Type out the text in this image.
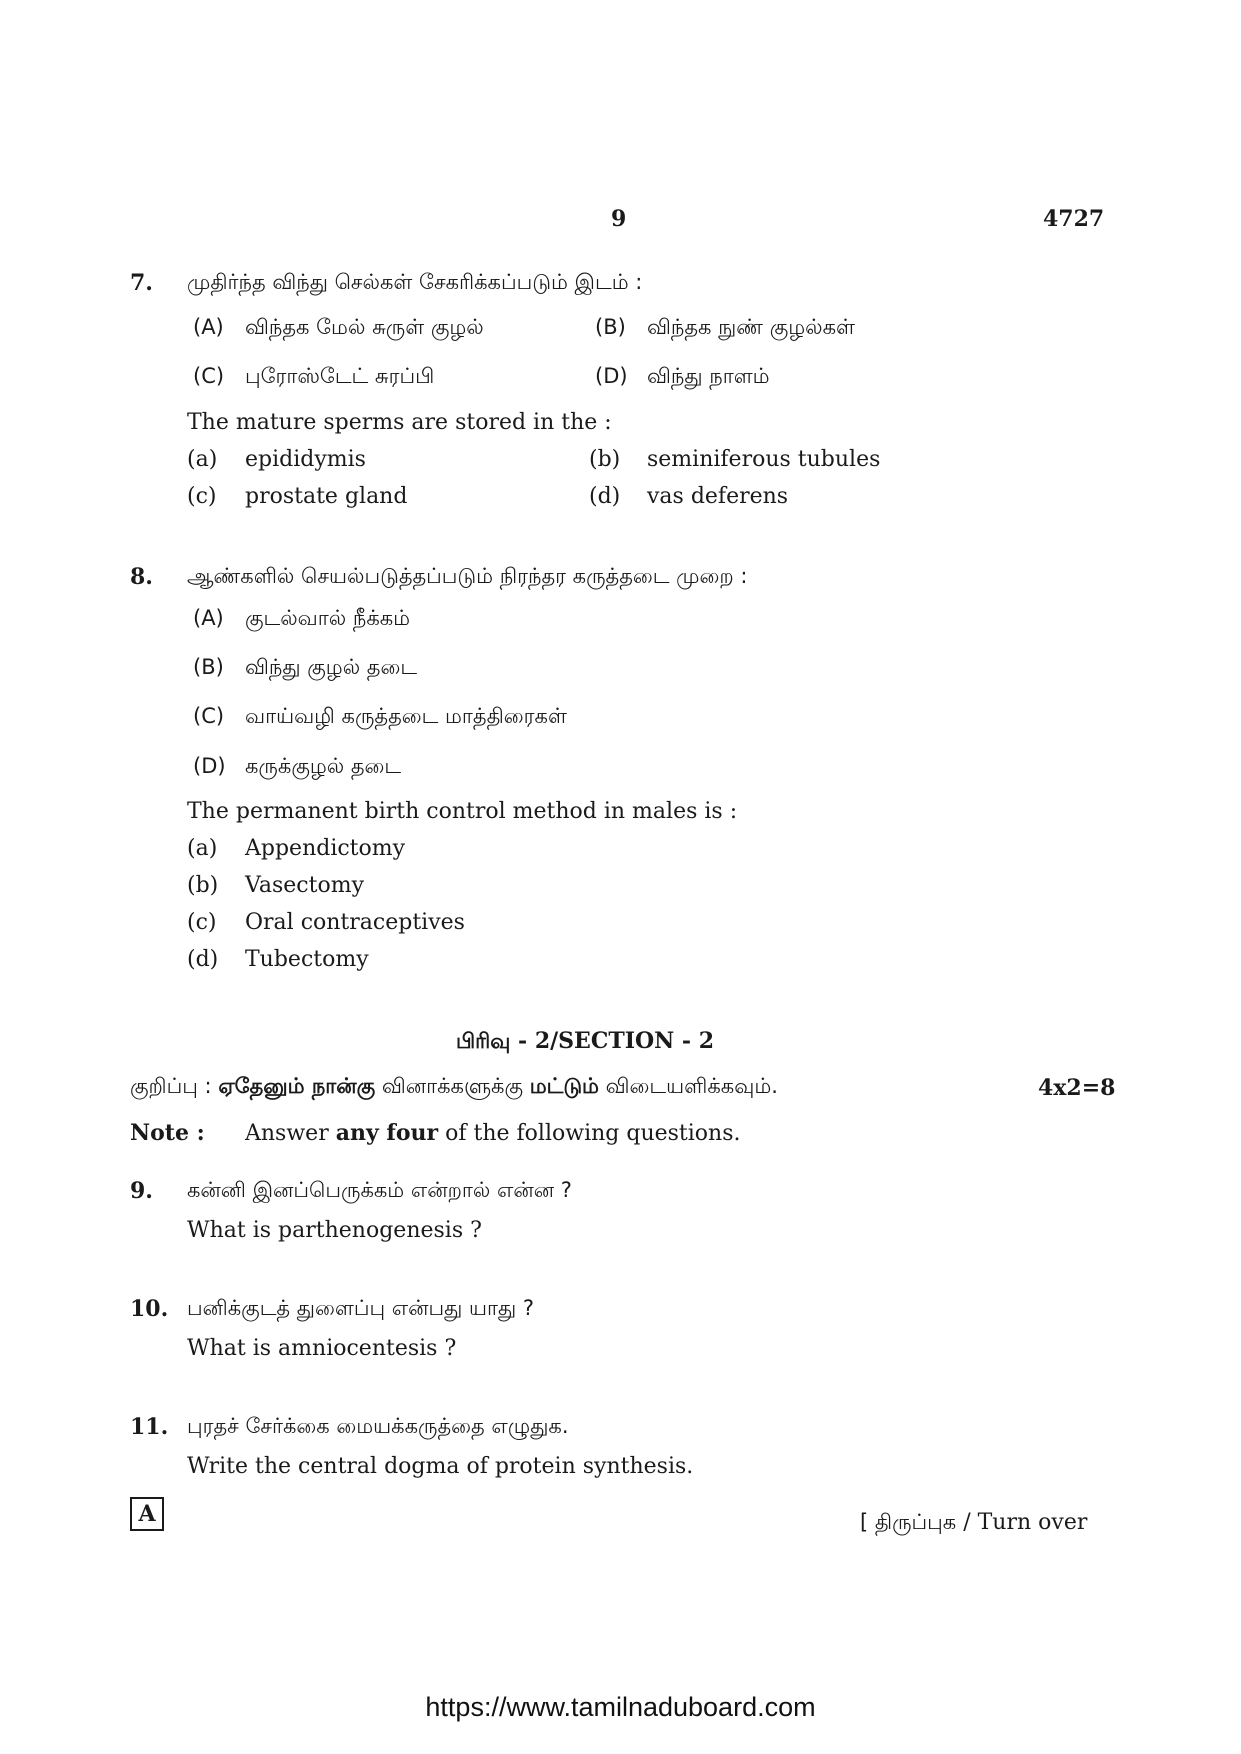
9	4727
7. முதிர்ந்த விந்து செல்கள் சேகரிக்கப்படும் இடம் :
(A) விந்தக மேல் சுருள் குழல்	(B) விந்தக நுண் குழல்கள்
(C) புரோஸ்டேட் சுரப்பி	(D) விந்து நாளம்
The mature sperms are stored in the :
(a) epididymis	(b) seminiferous tubules
(c) prostate gland	(d) vas deferens
8. ஆண்களில் செயல்படுத்தப்படும் நிரந்தர கருத்தடை முறை :
(A) குடல்வால் நீக்கம்
(B) விந்து குழல் தடை
(C) வாய்வழி கருத்தடை மாத்திரைகள்
(D) கருக்குழல் தடை
The permanent birth control method in males is :
(a) Appendictomy
(b) Vasectomy
(c) Oral contraceptives
(d) Tubectomy
பிரிவு - 2/SECTION - 2
குறிப்பு : ஏதேனும் நான்கு வினாக்களுக்கு மட்டும் விடையளிக்கவும்.	4x2=8
Note : Answer any four of the following questions.
9. கன்னி இனப்பெருக்கம் என்றால் என்ன ?
What is parthenogenesis ?
10. பனிக்குடத் துளைப்பு என்பது யாது ?
What is amniocentesis ?
11. புரதச் சேர்க்கை மையக்கருத்தை எழுதுக.
Write the central dogma of protein synthesis.
A	[ திருப்புக / Turn over
https://www.tamilnaduboard.com
